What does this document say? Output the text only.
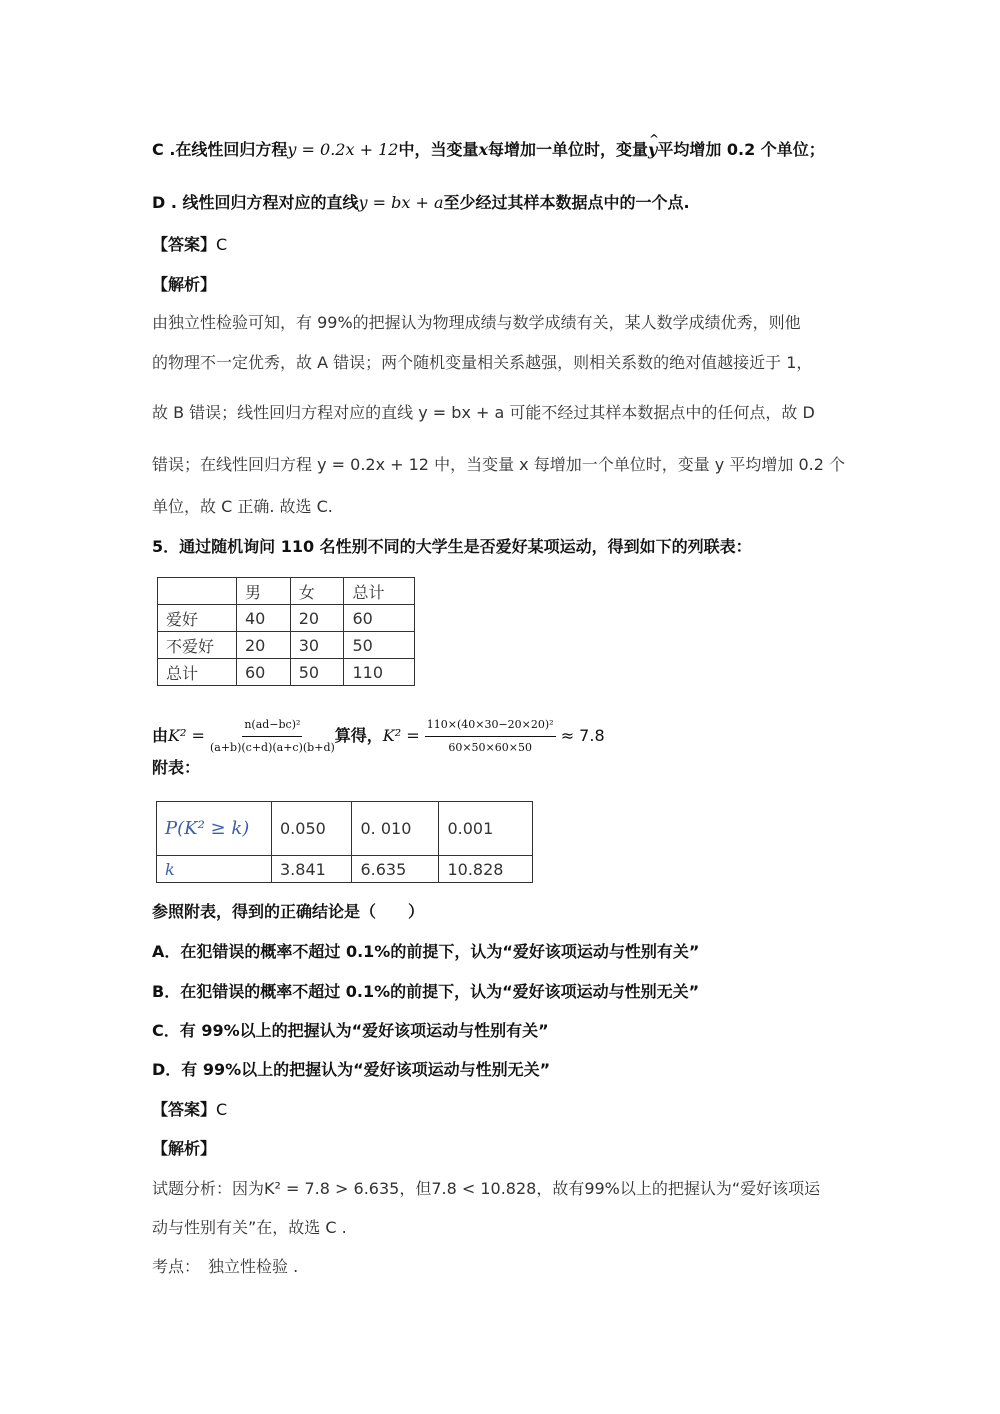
C .在线性回归方程y = 0.2x + 12中，当变量x每增加一单位时，变量^ y平均增加 0.2 个单位；
D . 线性回归方程对应的直线y = bx + a至少经过其样本数据点中的一个点.
【答案】C
【解析】
由独立性检验可知，有 99%的把握认为物理成绩与数学成绩有关，某人数学成绩优秀，则他
的物理不一定优秀，故 A 错误；两个随机变量相关系越强，则相关系数的绝对值越接近于 1，
故 B 错误；线性回归方程对应的直线 y = bx + a 可能不经过其样本数据点中的任何点，故 D
错误；在线性回归方程 y = 0.2x + 12 中，当变量 x 每增加一个单位时，变量 y 平均增加 0.2 个
单位，故 C 正确. 故选 C.
5．通过随机询问 110 名性别不同的大学生是否爱好某项运动，得到如下的列联表：
	男	女	总计
爱好	40	20	60
不爱好	20	30	50
总计	60	50	110
由$K^2 = \frac{\text{n(ad−bc)²}}{(a+b)(c+d)(a+c)(b+d)}$ 算得，$K^2 = \frac{\text{110×(40×30−20×20)²}}{60\times 50\times 60\times 50} \approx 7.8$
附表：
P(K² ≥ k)	0.050	0. 010	0.001
k	3.841	6.635	10.828
参照附表，得到的正确结论是（　　）
A．在犯错误的概率不超过 0.1%的前提下，认为“爱好该项运动与性别有关”
B．在犯错误的概率不超过 0.1%的前提下，认为“爱好该项运动与性别无关”
C．有 99%以上的把握认为“爱好该项运动与性别有关”
D．有 99%以上的把握认为“爱好该项运动与性别无关”
【答案】C
【解析】
试题分析：因为K² = 7.8 > 6.635，但7.8 < 10.828，故有99%以上的把握认为“爱好该项运
动与性别有关”在，故选 C .
考点：　独立性检验 .
